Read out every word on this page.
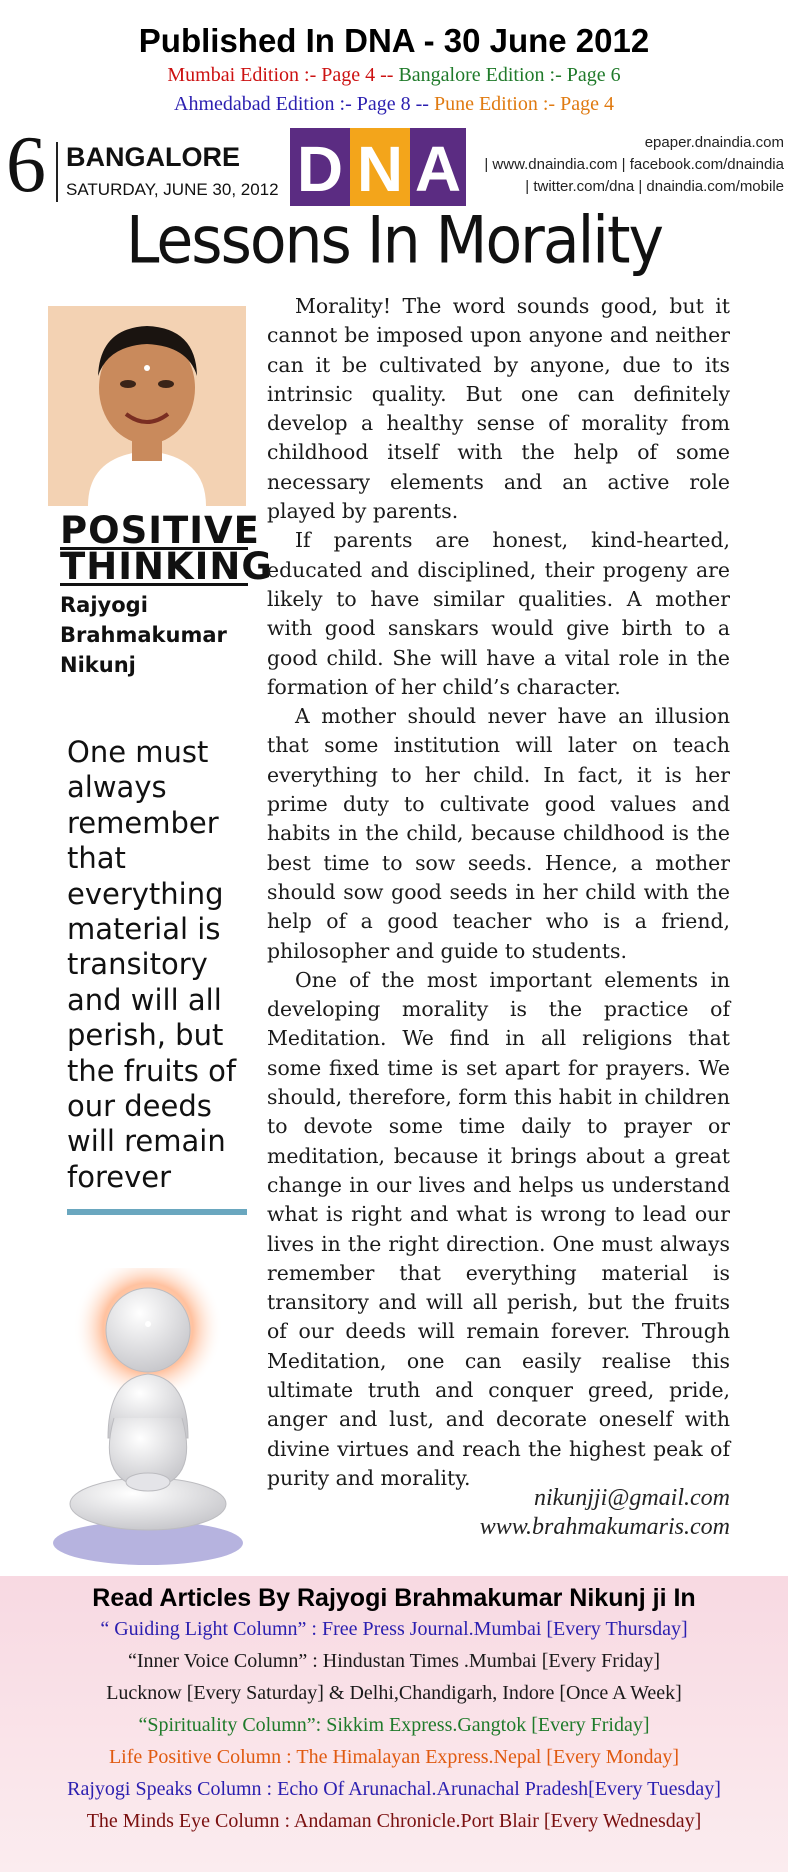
Published In DNA - 30 June 2012
Mumbai Edition :- Page 4 -- Bangalore Edition :- Page 6
Ahmedabad Edition :- Page 8 -- Pune Edition :- Page 4
6 BANGALORE
SATURDAY, JUNE 30, 2012 D N A	epaper.dnaindia.com
| www.dnaindia.com | facebook.com/dnaindia
| twitter.com/dna | dnaindia.com/mobile
Lessons In Morality
POSITIVE
THINKING
Rajyogi
Brahmakumar
Nikunj
One must always remember that everything material is transitory and will all perish, but the fruits of our deeds will remain forever

Morality! The word sounds good, but it cannot be imposed upon anyone and neither can it be cultivated by anyone, due to its intrinsic quality. But one can definitely develop a healthy sense of morality from childhood itself with the help of some necessary elements and an active role played by parents.

If parents are honest, kind-hearted, educated and disciplined, their progeny are likely to have similar qualities. A mother with good sanskars would give birth to a good child. She will have a vital role in the formation of her child’s character.

A mother should never have an illusion that some institution will later on teach everything to her child. In fact, it is her prime duty to cultivate good values and habits in the child, because childhood is the best time to sow seeds. Hence, a mother should sow good seeds in her child with the help of a good teacher who is a friend, philosopher and guide to students.

One of the most important elements in developing morality is the practice of Meditation. We find in all religions that some fixed time is set apart for prayers. We should, therefore, form this habit in children to devote some time daily to prayer or meditation, because it brings about a great change in our lives and helps us understand what is right and what is wrong to lead our lives in the right direction. One must always remember that everything material is transitory and will all perish, but the fruits of our deeds will remain forever. Through Meditation, one can easily realise this ultimate truth and conquer greed, pride, anger and lust, and decorate oneself with divine virtues and reach the highest peak of purity and morality.

nikunjji@gmail.com
www.brahmakumaris.com
Read Articles By Rajyogi Brahmakumar Nikunj ji In
“ Guiding Light Column” : Free Press Journal.Mumbai [Every Thursday]
“Inner Voice Column” : Hindustan Times .Mumbai [Every Friday]
Lucknow [Every Saturday] & Delhi,Chandigarh, Indore [Once A Week]
“Spirituality Column”: Sikkim Express.Gangtok [Every Friday]
Life Positive Column : The Himalayan Express.Nepal [Every Monday]
Rajyogi Speaks Column : Echo Of Arunachal.Arunachal Pradesh[Every Tuesday]
The Minds Eye Column : Andaman Chronicle.Port Blair [Every Wednesday]
